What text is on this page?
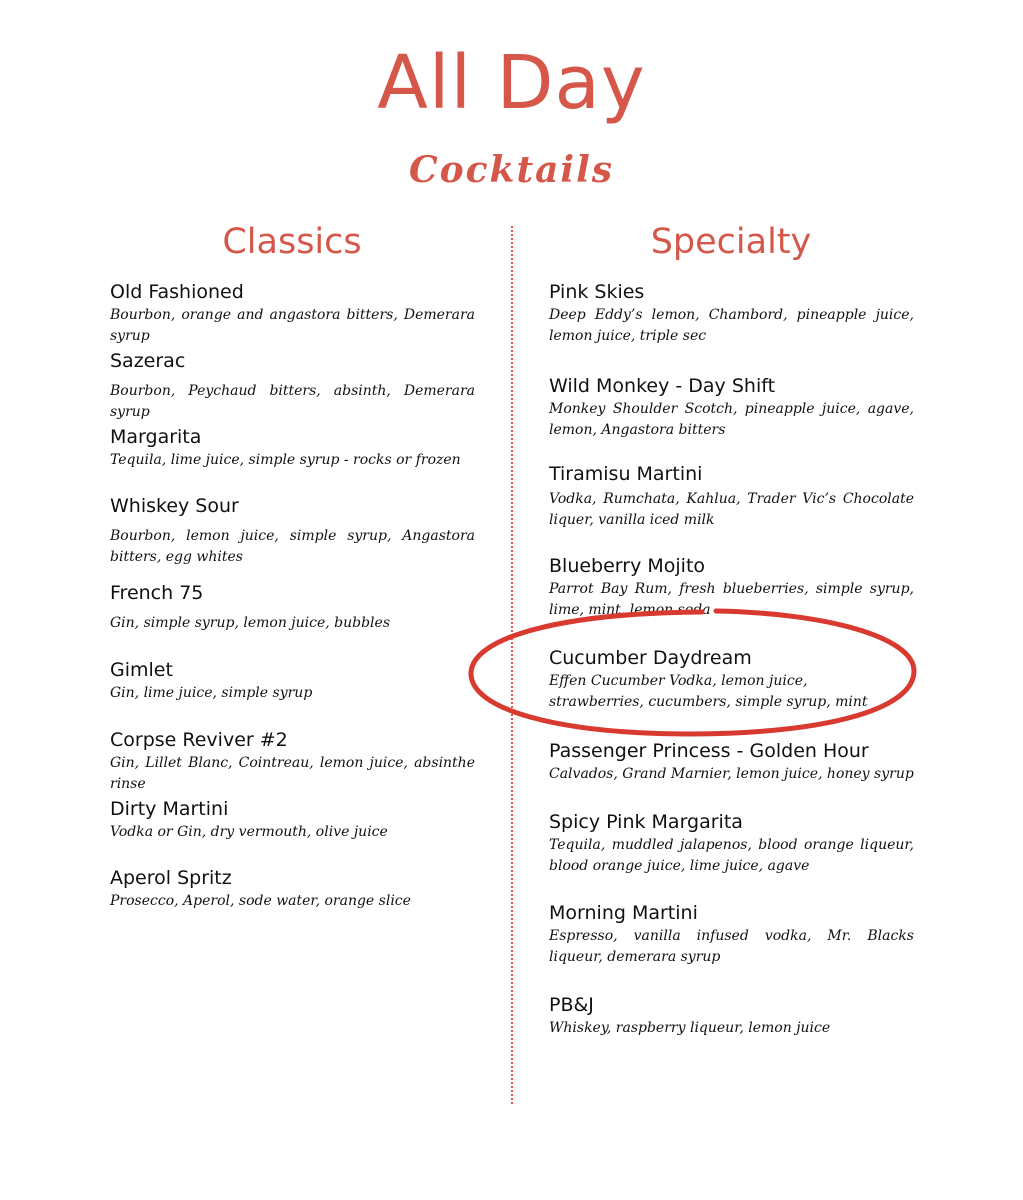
All Day
Cocktails
Classics	Specialty
Old Fashioned
Bourbon, orange and angastora bitters, Demerara syrup
Sazerac
Bourbon, Peychaud bitters, absinth, Demerara syrup
Margarita
Tequila, lime juice, simple syrup - rocks or frozen
Whiskey Sour
Bourbon, lemon juice, simple syrup, Angastora bitters, egg whites
French 75
Gin, simple syrup, lemon juice, bubbles
Gimlet
Gin, lime juice, simple syrup
Corpse Reviver #2
Gin, Lillet Blanc, Cointreau, lemon juice, absinthe rinse
Dirty Martini
Vodka or Gin, dry vermouth, olive juice
Aperol Spritz
Prosecco, Aperol, sode water, orange slice
Pink Skies
Deep Eddy’s lemon, Chambord, pineapple juice, lemon juice, triple sec
Wild Monkey - Day Shift
Monkey Shoulder Scotch, pineapple juice, agave, lemon, Angastora bitters
Tiramisu Martini
Vodka, Rumchata, Kahlua, Trader Vic’s Chocolate liquer, vanilla iced milk
Blueberry Mojito
Parrot Bay Rum, fresh blueberries, simple syrup, lime, mint, lemon soda
Cucumber Daydream
Effen Cucumber Vodka, lemon juice, strawberries, cucumbers, simple syrup, mint
Passenger Princess - Golden Hour
Calvados, Grand Marnier, lemon juice, honey syrup
Spicy Pink Margarita
Tequila, muddled jalapenos, blood orange liqueur, blood orange juice, lime juice, agave
Morning Martini
Espresso, vanilla infused vodka, Mr. Blacks liqueur, demerara syrup
PB&J
Whiskey, raspberry liqueur, lemon juice
